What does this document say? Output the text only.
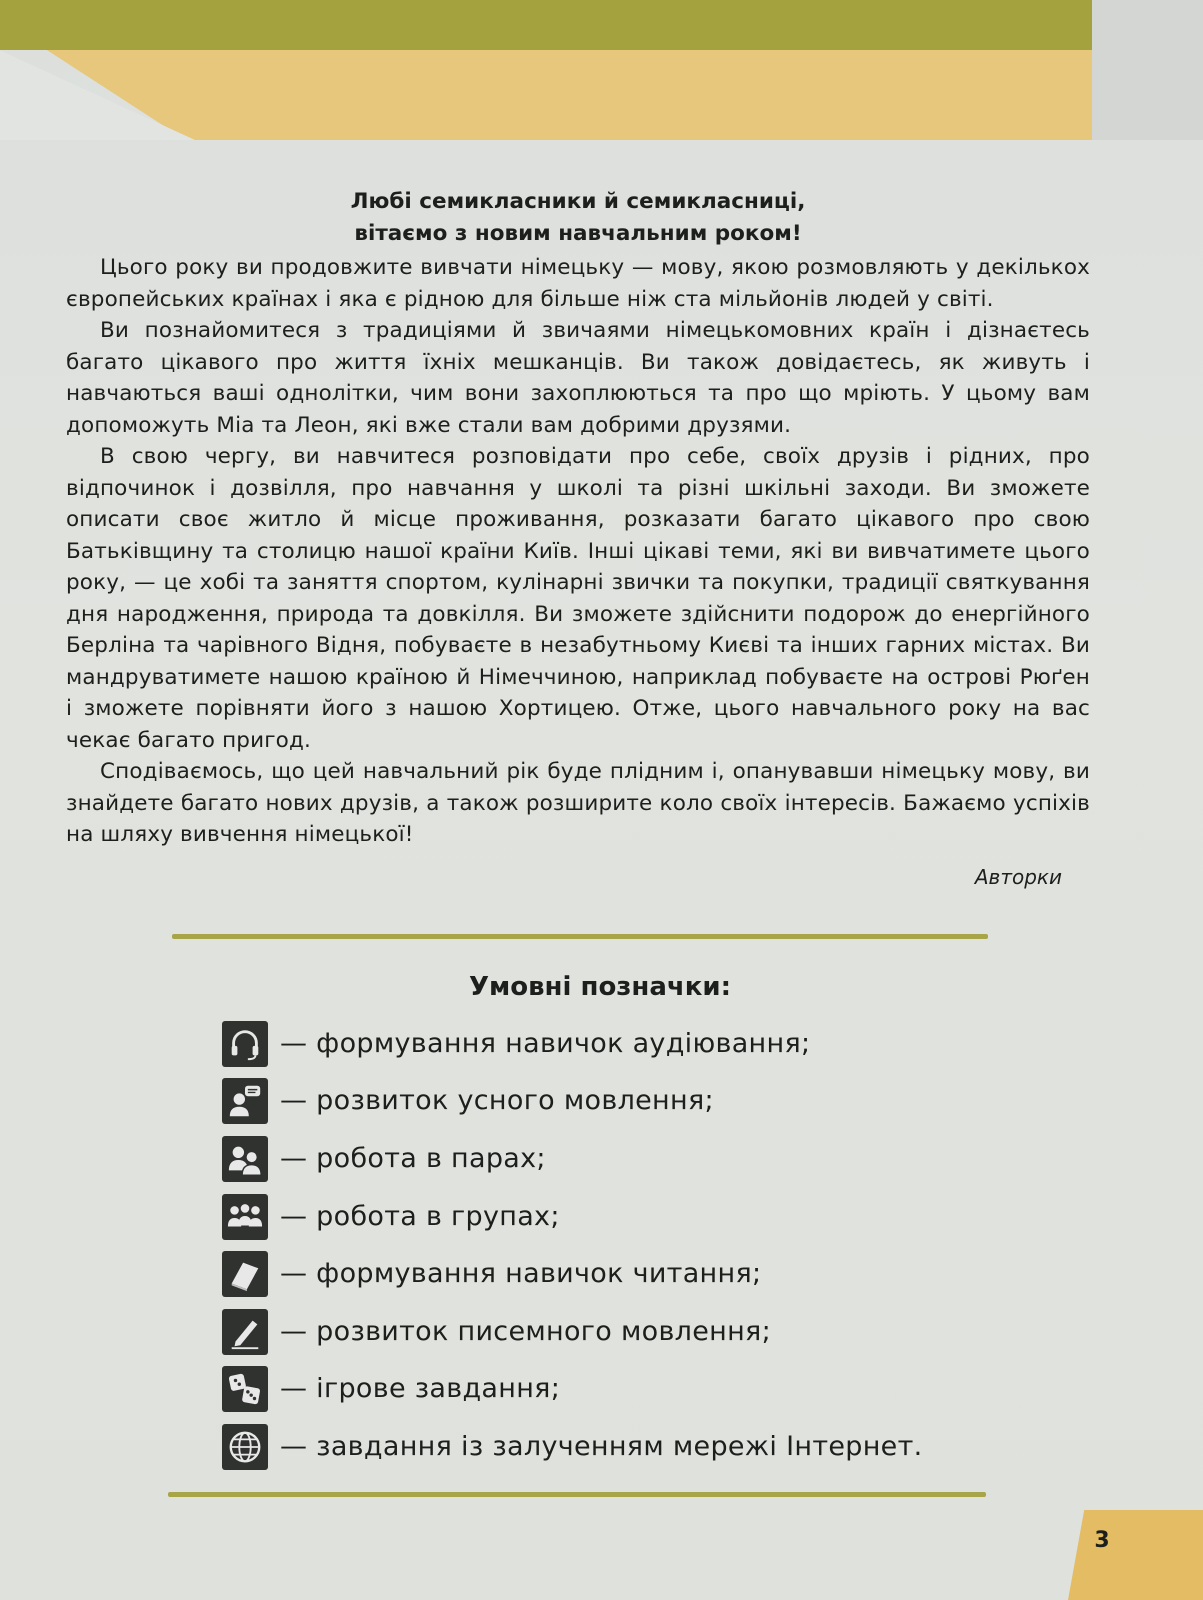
Любі семикласники й семикласниці,
вітаємо з новим навчальним роком!

Цього року ви продовжите вивчати німецьку — мову, якою розмовляють у декількох європейських країнах і яка є рідною для більше ніж ста мільйонів людей у світі.

Ви познайомитеся з традиціями й звичаями німецькомовних країн і дізнаєтесь багато цікавого про життя їхніх мешканців. Ви також довідаєтесь, як живуть і навчаються ваші однолітки, чим вони захоплюються та про що мріють. У цьому вам допоможуть Міа та Леон, які вже стали вам добрими друзями.

В свою чергу, ви навчитеся розповідати про себе, своїх друзів і рідних, про відпочинок і дозвілля, про навчання у школі та різні шкільні заходи. Ви зможете описати своє житло й місце проживання, розказати багато цікавого про свою Батьківщину та столицю нашої країни Київ. Інші цікаві теми, які ви вивчатимете цього року, — це хобі та заняття спортом, кулінарні звички та покупки, традиції святкування дня народження, природа та довкілля. Ви зможете здійснити подорож до енергійного Берліна та чарівного Відня, побуваєте в незабутньому Києві та інших гарних містах. Ви мандруватимете нашою країною й Німеччиною, наприклад побуваєте на острові Рюґен і зможете порівняти його з нашою Хортицею. Отже, цього навчального року на вас чекає багато пригод.

Сподіваємось, що цей навчальний рік буде плідним і, опанувавши німецьку мову, ви знайдете багато нових друзів, а також розширите коло своїх інтересів. Бажаємо успіхів на шляху вивчення німецької!

Авторки
Умовні позначки:
— формування навичок аудіювання;
— розвиток усного мовлення;
— робота в парах;
— робота в групах;
— формування навичок читання;
— розвиток писемного мовлення;
— ігрове завдання;
— завдання із залученням мережі Інтернет.
3
